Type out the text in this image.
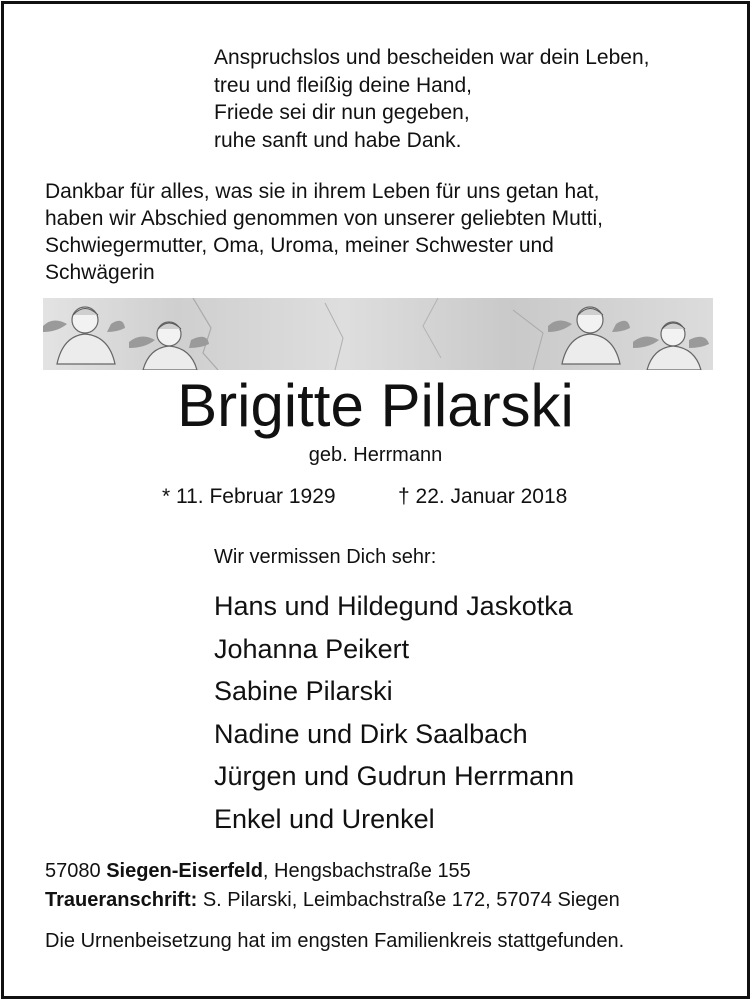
Anspruchslos und bescheiden war dein Leben,
treu und fleißig deine Hand,
Friede sei dir nun gegeben,
ruhe sanft und habe Dank.
Dankbar für alles, was sie in ihrem Leben für uns getan hat,
haben wir Abschied genommen von unserer geliebten Mutti,
Schwiegermutter, Oma, Uroma, meiner Schwester und
Schwägerin
Brigitte Pilarski
geb. Herrmann
* 11. Februar 1929	† 22. Januar 2018
Wir vermissen Dich sehr:
Hans und Hildegund Jaskotka
Johanna Peikert
Sabine Pilarski
Nadine und Dirk Saalbach
Jürgen und Gudrun Herrmann
Enkel und Urenkel
57080 Siegen-Eiserfeld, Hengsbachstraße 155
Traueranschrift: S. Pilarski, Leimbachstraße 172, 57074 Siegen
Die Urnenbeisetzung hat im engsten Familienkreis stattgefunden.
